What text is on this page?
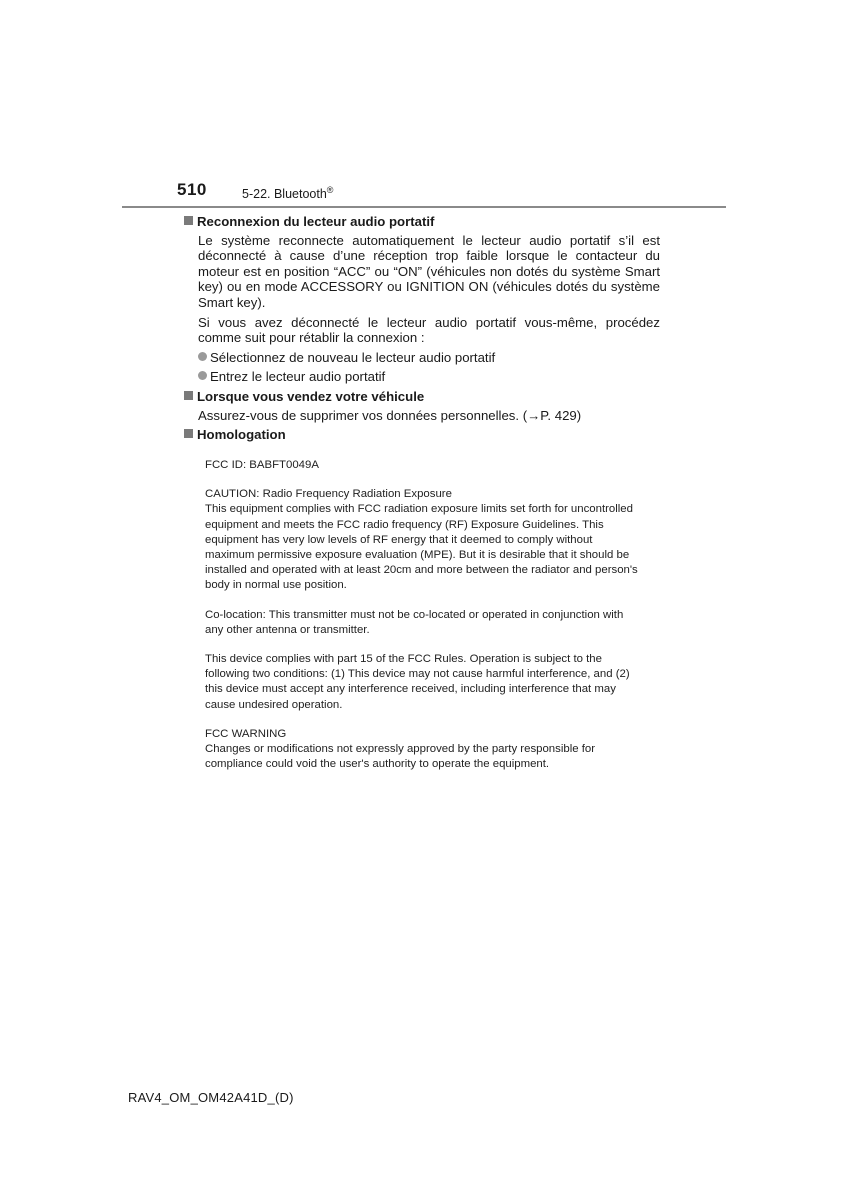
510	5-22. Bluetooth®
Reconnexion du lecteur audio portatif
Le système reconnecte automatiquement le lecteur audio portatif s’il est déconnecté à cause d’une réception trop faible lorsque le contacteur du moteur est en position “ACC” ou “ON” (véhicules non dotés du système Smart key) ou en mode ACCESSORY ou IGNITION ON (véhicules dotés du système Smart key).
Si vous avez déconnecté le lecteur audio portatif vous-même, procédez comme suit pour rétablir la connexion :
Sélectionnez de nouveau le lecteur audio portatif
Entrez le lecteur audio portatif
Lorsque vous vendez votre véhicule
Assurez-vous de supprimer vos données personnelles. (→P. 429)
Homologation

FCC ID: BABFT0049A

CAUTION: Radio Frequency Radiation Exposure
This equipment complies with FCC radiation exposure limits set forth for uncontrolled
equipment and meets the FCC radio frequency (RF) Exposure Guidelines. This
equipment has very low levels of RF energy that it deemed to comply without
maximum permissive exposure evaluation (MPE). But it is desirable that it should be
installed and operated with at least 20cm and more between the radiator and person's
body in normal use position.

Co-location: This transmitter must not be co-located or operated in conjunction with
any other antenna or transmitter.

This device complies with part 15 of the FCC Rules. Operation is subject to the
following two conditions: (1) This device may not cause harmful interference, and (2)
this device must accept any interference received, including interference that may
cause undesired operation.

FCC WARNING
Changes or modifications not expressly approved by the party responsible for
compliance could void the user's authority to operate the equipment.

RAV4_OM_OM42A41D_(D)
